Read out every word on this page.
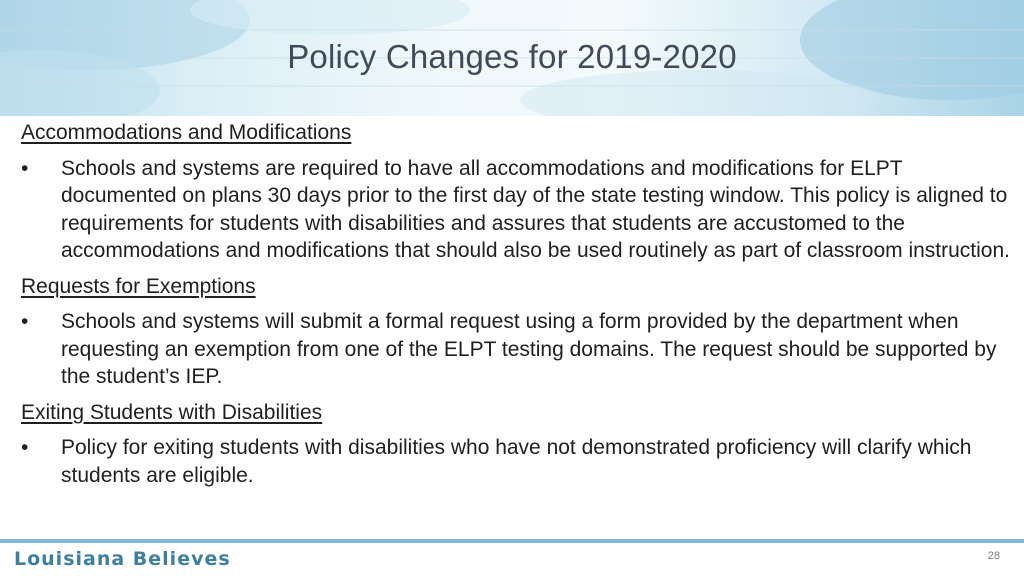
Policy Changes for 2019-2020

Accommodations and Modifications

•	Schools and systems are required to have all accommodations and modifications for ELPT documented on plans 30 days prior to the first day of the state testing window. This policy is aligned to requirements for students with disabilities and assures that students are accustomed to the accommodations and modifications that should also be used routinely as part of classroom instruction.

Requests for Exemptions

•	Schools and systems will submit a formal request using a form provided by the department when requesting an exemption from one of the ELPT testing domains. The request should be supported by the student’s IEP.

Exiting Students with Disabilities

•	Policy for exiting students with disabilities who have not demonstrated proficiency will clarify which students are eligible.
Louisiana Believes	28
